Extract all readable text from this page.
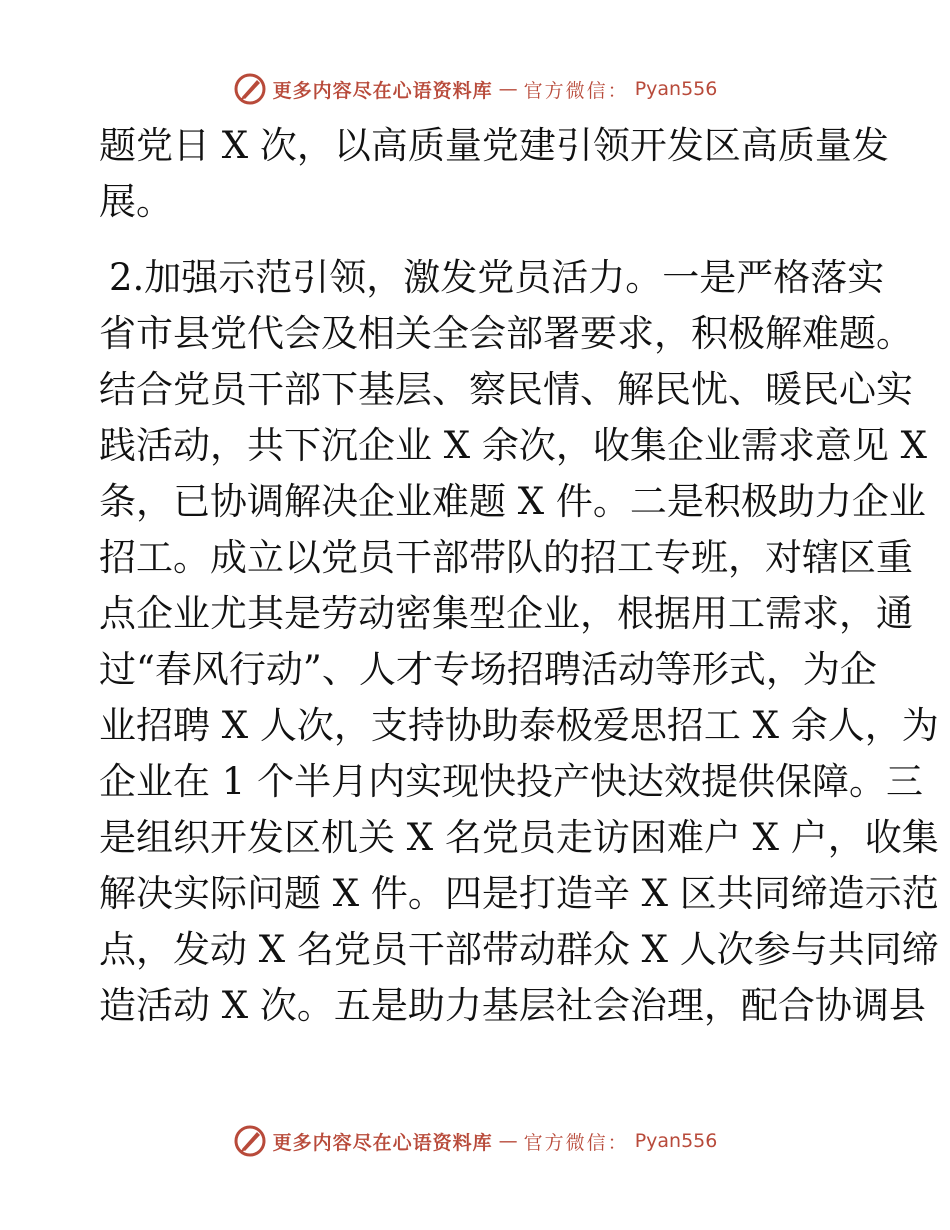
更多内容尽在心语资料库 — 官方微信： Pyan556
题党日 X 次，以高质量党建引领开发区高质量发
展。
2.加强示范引领，激发党员活力。一是严格落实
省市县党代会及相关全会部署要求，积极解难题。
结合党员干部下基层、察民情、解民忧、暖民心实
践活动，共下沉企业 X 余次，收集企业需求意见 X
条，已协调解决企业难题 X 件。二是积极助力企业
招工。成立以党员干部带队的招工专班，对辖区重
点企业尤其是劳动密集型企业，根据用工需求，通
过“春风行动”、人才专场招聘活动等形式，为企
业招聘 X 人次，支持协助泰极爱思招工 X 余人，为
企业在 1 个半月内实现快投产快达效提供保障。三
是组织开发区机关 X 名党员走访困难户 X 户，收集
解决实际问题 X 件。四是打造辛 X 区共同缔造示范
点，发动 X 名党员干部带动群众 X 人次参与共同缔
造活动 X 次。五是助力基层社会治理，配合协调县
更多内容尽在心语资料库 — 官方微信： Pyan556
